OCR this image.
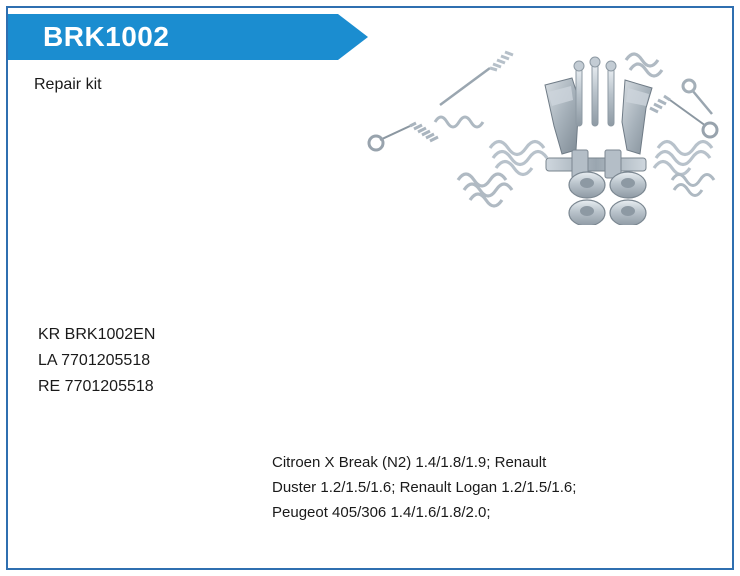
BRK1002
Repair kit
KR BRK1002EN
LA 7701205518
RE 7701205518
Citroen X Break (N2) 1.4/1.8/1.9; Renault
Duster 1.2/1.5/1.6; Renault Logan 1.2/1.5/1.6;
Peugeot 405/306 1.4/1.6/1.8/2.0;
